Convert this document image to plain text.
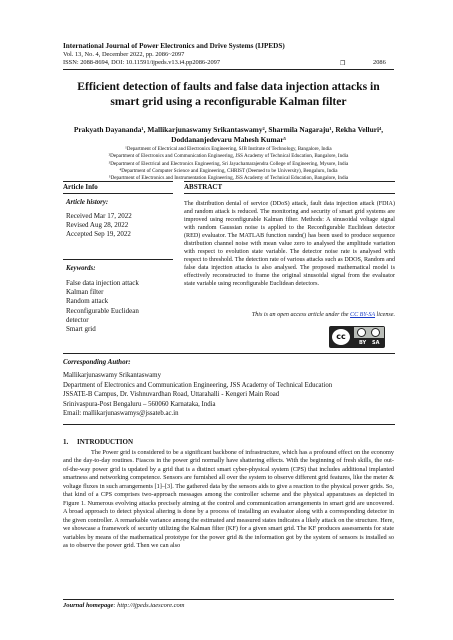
International Journal of Power Electronics and Drive Systems (IJPEDS)
Vol. 13, No. 4, December 2022, pp. 2086~2097
ISSN: 2088-8694, DOI: 10.11591/ijpeds.v13.i4.pp2086-2097	❒	2086
Efficient detection of faults and false data injection attacks in smart grid using a reconfigurable Kalman filter
Prakyath Dayananda¹, Mallikarjunaswamy Srikantaswamy², Sharmila Nagaraju¹, Rekha Velluri⁴,
Doddananjedevaru Mahesh Kumar⁵
¹Department of Electrical and Electronics Engineering, SJB Institute of Technology, Bangalore, India
²Department of Electronics and Communication Engineering, JSS Academy of Technical Education, Bangalore, India
³Department of Electrical and Electronics Engineering, Sri Jayachamarajendra College of Engineering, Mysore, India
⁴Department of Computer Science and Engineering, CHRIST (Deemed to be University), Bengaluru, India
⁵Department of Electronics and Instrumentation Engineering, JSS Academy of Technical Education, Bangalore, India
Article Info	ABSTRACT
Article history:
Received Mar 17, 2022
Revised Aug 28, 2022
Accepted Sep 19, 2022
Keywords:
False data injection attack
Kalman filter
Random attack
Reconfigurable Euclidean
detector
Smart grid
The distribution denial of service (DDoS) attack, fault data injection attack (FDIA) and random attack is reduced. The monitoring and security of smart grid systems are improved using reconfigurable Kalman filter. Methods: A sinusoidal voltage signal with random Gaussian noise is applied to the Reconfigurable Euclidean detector (RED) evaluator. The MATLAB function randn() has been used to produce sequence distribution channel noise with mean value zero to analysed the amplitude variation with respect to evolution state variable. The detector noise rate is analysed with respect to threshold. The detection rate of various attacks such as DDOS, Random and false data injection attacks is also analysed. The proposed mathematical model is effectively reconstructed to frame the original sinusoidal signal from the evaluator state variable using reconfigurable Euclidean detectors.
This is an open access article under the CC BY-SA license.
cc
BY SA
Corresponding Author:
Mallikarjunaswamy Srikantaswamy
Department of Electronics and Communication Engineering, JSS Academy of Technical Education
JSSATE-B Campus, Dr. Vishnuvardhan Road, Uttarahalli - Kengeri Main Road
Srinivaspura-Post Bengaluru – 560060 Karnataka, India
Email: mallikarjunaswamys@jssateb.ac.in
1.     INTRODUCTION

The Power grid is considered to be a significant backbone of infrastructure, which has a profound effect on the economy and the day-to-day routines. Fiascos in the power grid normally have shattering effects. With the beginning of fresh skills, the out-of-the-way power grid is updated by a grid that is a distinct smart cyber-physical system (CPS) that includes additional implanted smartness and networking competence. Sensors are furnished all over the system to observe different grid features, like the meter & voltage fluxes in such arrangements [1]–[3]. The gathered data by the sensors aids to give a reaction to the physical power grids. So, that kind of a CPS comprises two-approach messages among the controller scheme and the physical apparatuses as depicted in Figure 1. Numerous evolving attacks precisely aiming at the control and communication arrangements in smart grid are uncovered. A broad approach to detect physical altering is done by a process of installing an evaluator along with a corresponding detector in the given controller. A remarkable variance among the estimated and measured states indicates a likely attack on the structure. Here, we showcase a framework of security utilizing the Kalman filter (KF) for a given smart grid. The KF produces assessments for state variables by means of the mathematical prototype for the power grid & the information got by the system of sensors is installed so as to observe the power grid. Then we can also

Journal homepage: http://ijpeds.iaescore.com
